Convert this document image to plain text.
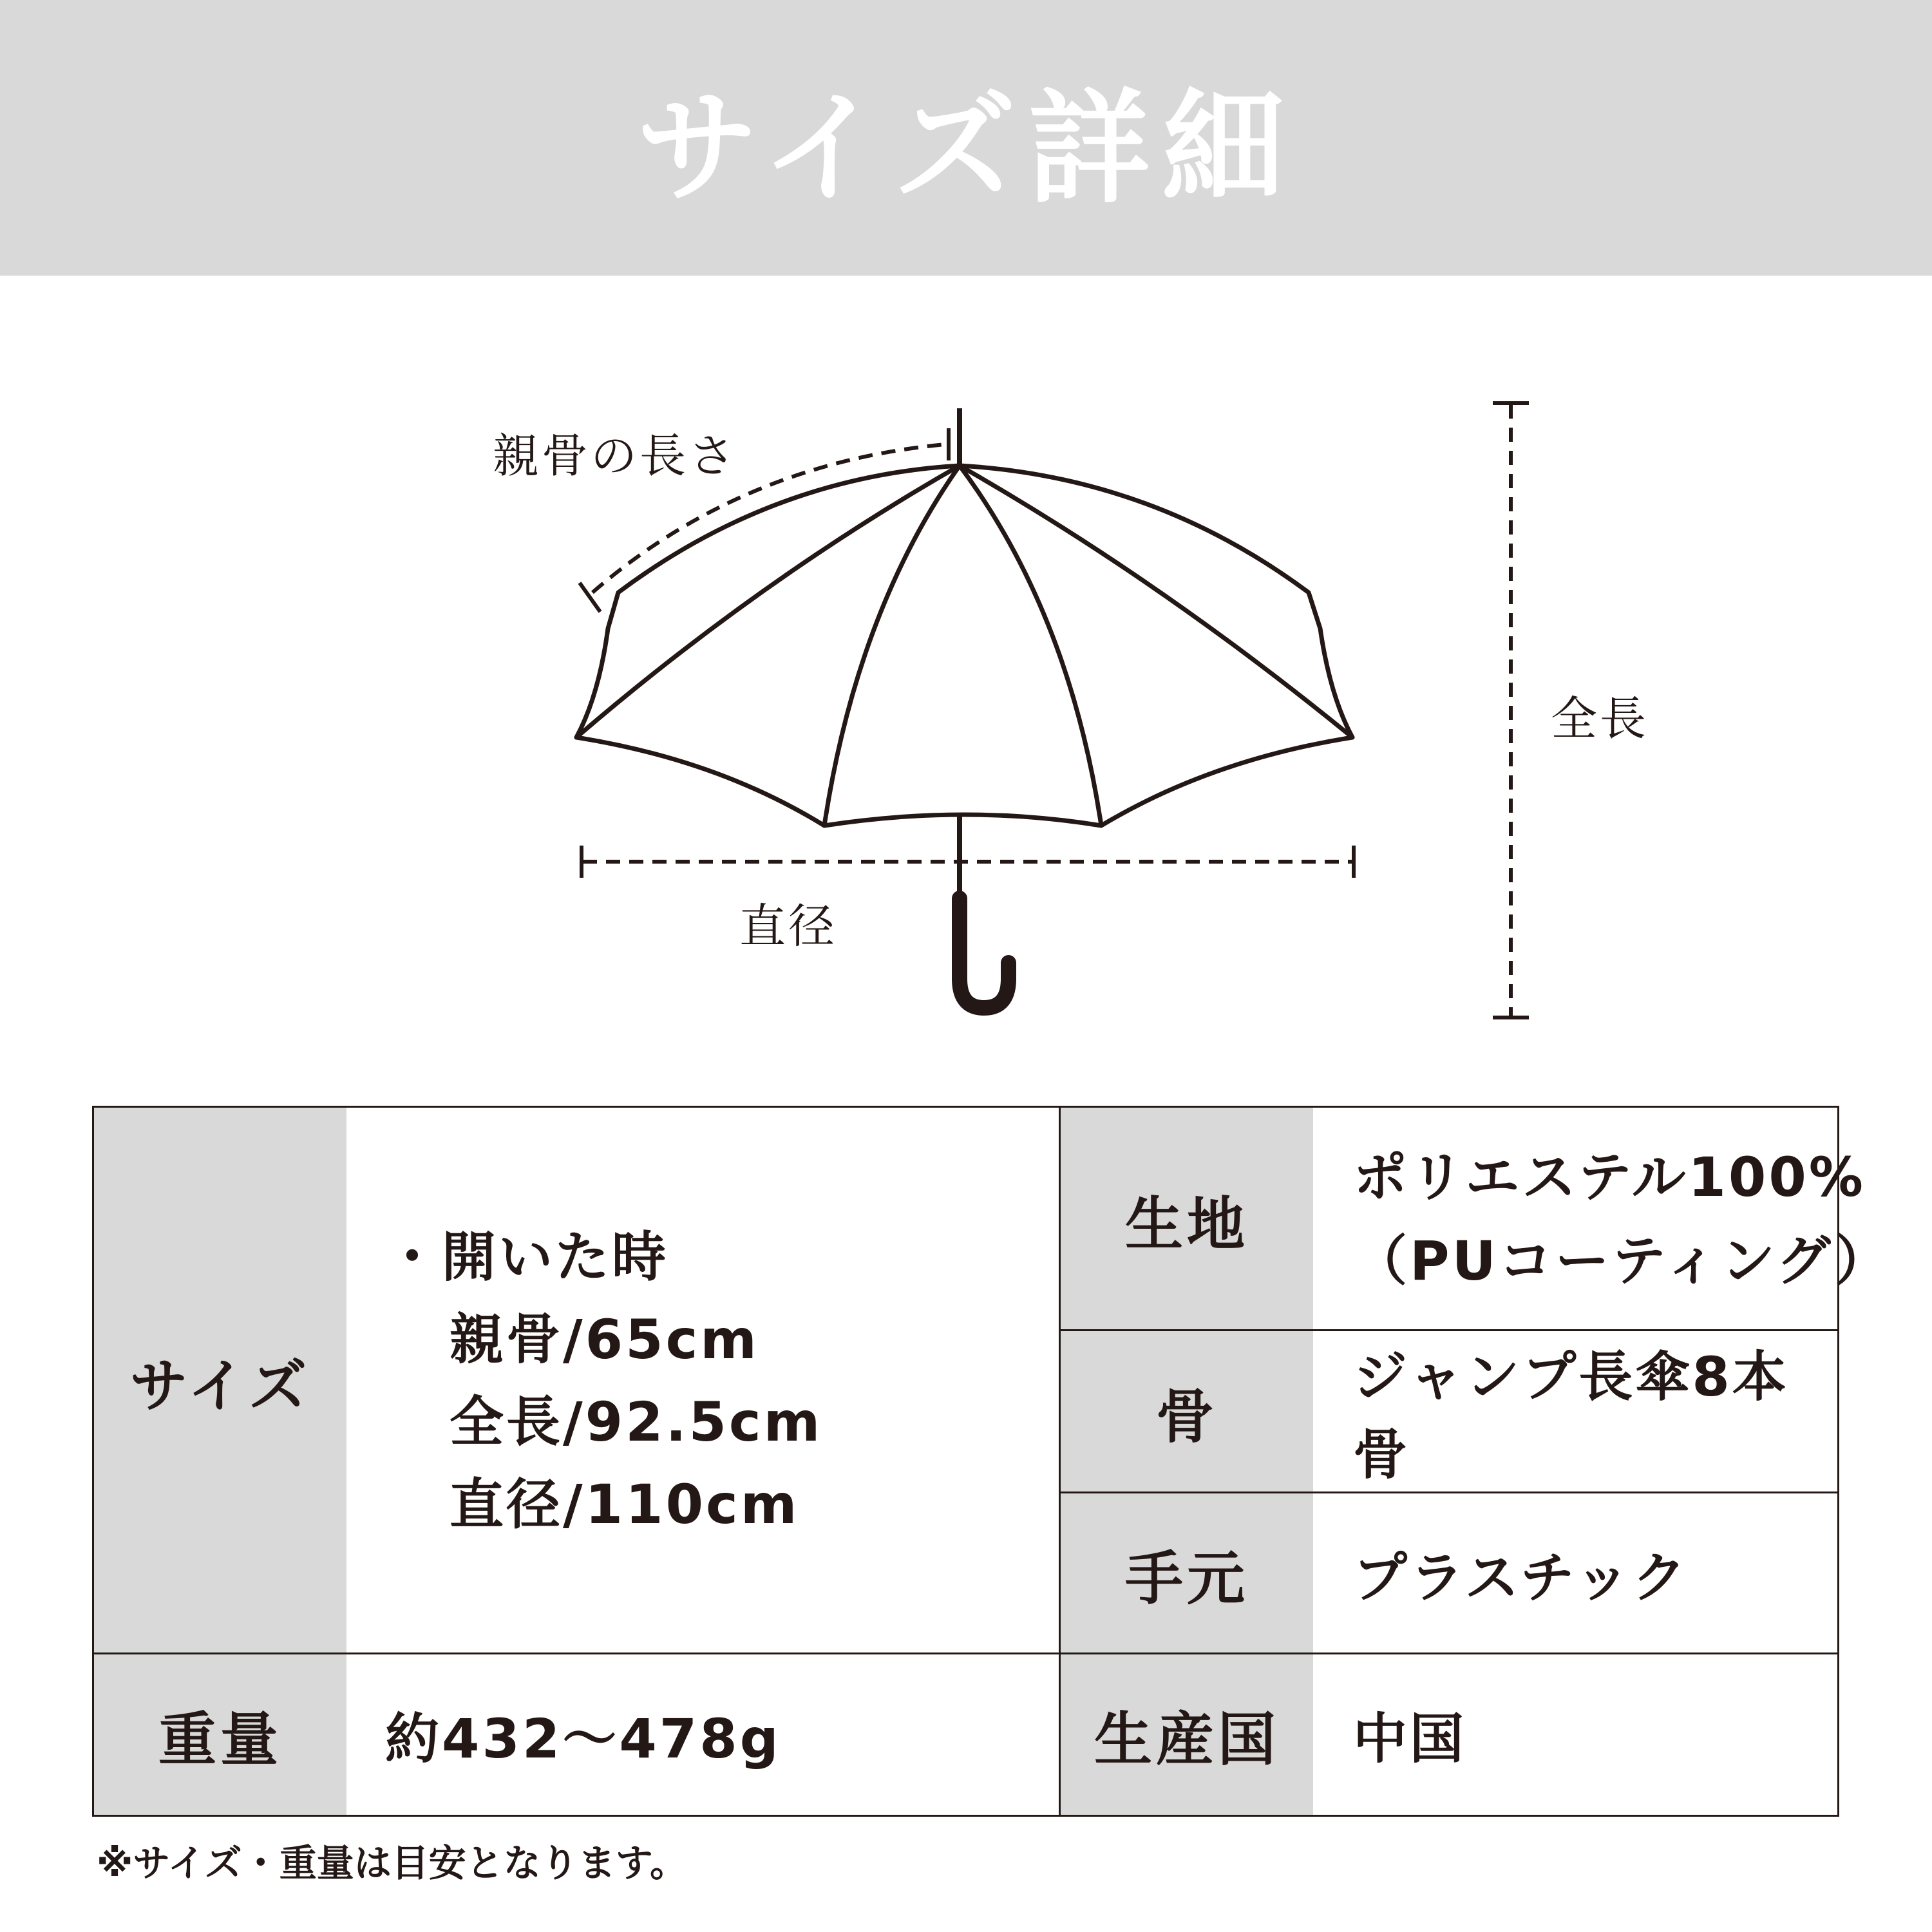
サイズ詳細
親骨の長さ
直径
全長
サイズ
・開いた時
親骨/65cm
全長/92.5cm
直径/110cm
重量 約432〜478g
生地
ポリエステル100%
（PUコーティング）
骨
ジャンプ長傘8本骨
手元 プラスチック
生産国 中国
※サイズ・重量は目安となります。
